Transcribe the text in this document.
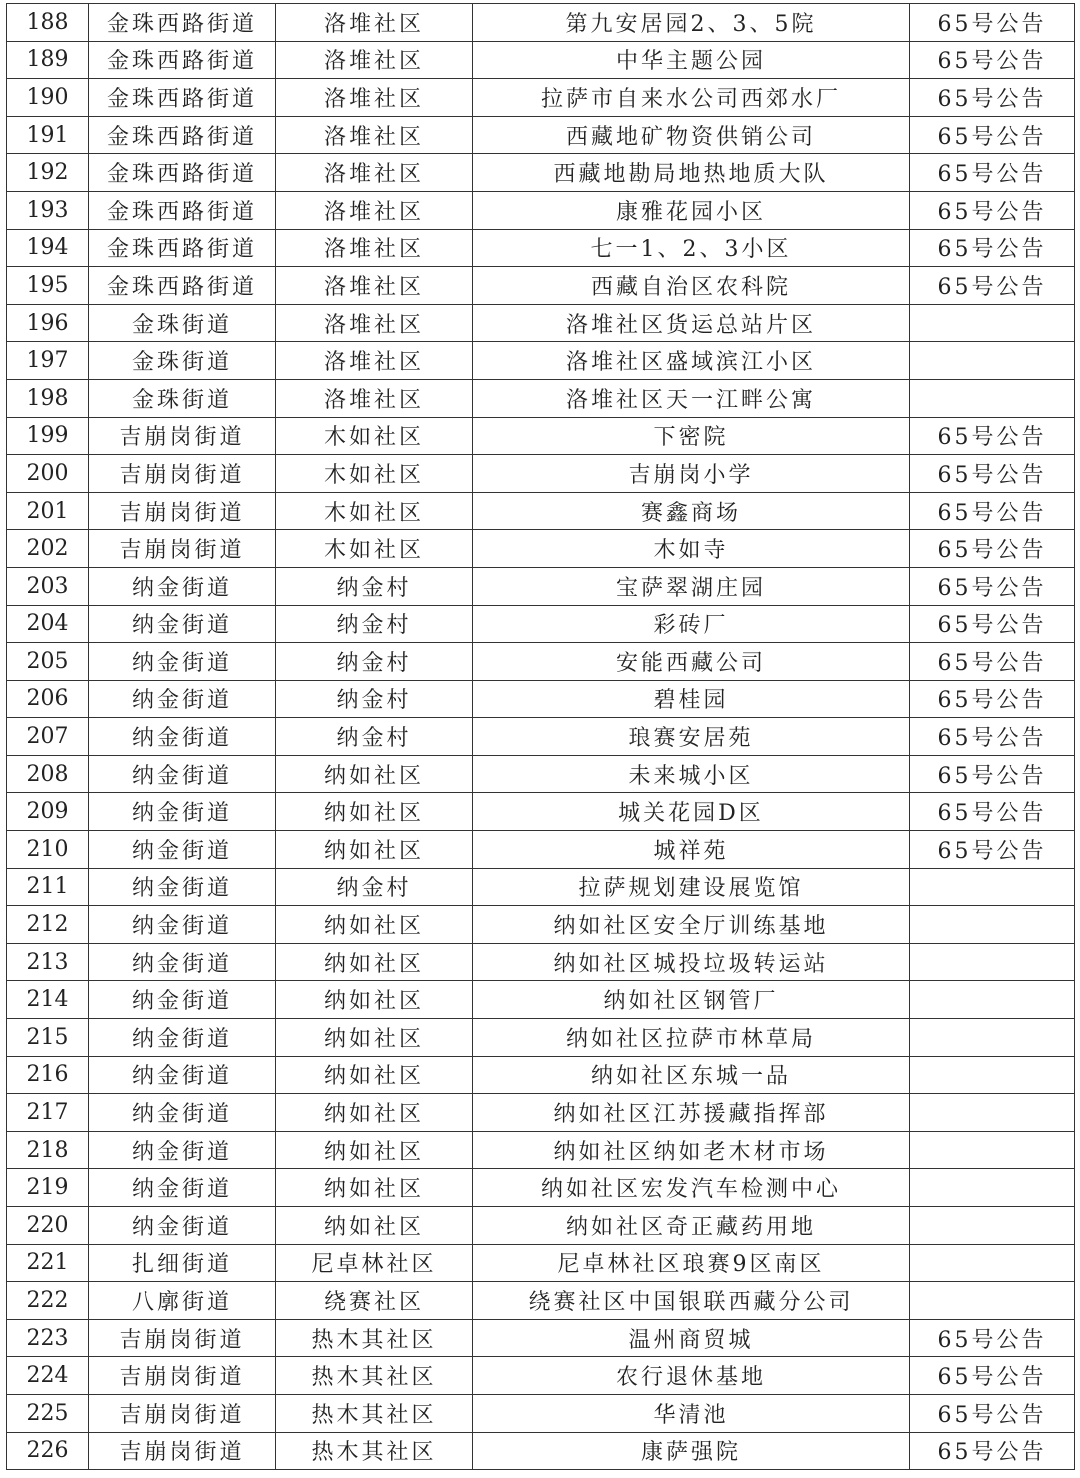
188	金珠西路街道	洛堆社区	第九安居园2、3、5院	65号公告
189	金珠西路街道	洛堆社区	中华主题公园	65号公告
190	金珠西路街道	洛堆社区	拉萨市自来水公司西郊水厂	65号公告
191	金珠西路街道	洛堆社区	西藏地矿物资供销公司	65号公告
192	金珠西路街道	洛堆社区	西藏地勘局地热地质大队	65号公告
193	金珠西路街道	洛堆社区	康雅花园小区	65号公告
194	金珠西路街道	洛堆社区	七一1、2、3小区	65号公告
195	金珠西路街道	洛堆社区	西藏自治区农科院	65号公告
196	金珠街道	洛堆社区	洛堆社区货运总站片区	
197	金珠街道	洛堆社区	洛堆社区盛域滨江小区	
198	金珠街道	洛堆社区	洛堆社区天一江畔公寓	
199	吉崩岗街道	木如社区	下密院	65号公告
200	吉崩岗街道	木如社区	吉崩岗小学	65号公告
201	吉崩岗街道	木如社区	赛鑫商场	65号公告
202	吉崩岗街道	木如社区	木如寺	65号公告
203	纳金街道	纳金村	宝萨翠湖庄园	65号公告
204	纳金街道	纳金村	彩砖厂	65号公告
205	纳金街道	纳金村	安能西藏公司	65号公告
206	纳金街道	纳金村	碧桂园	65号公告
207	纳金街道	纳金村	琅赛安居苑	65号公告
208	纳金街道	纳如社区	未来城小区	65号公告
209	纳金街道	纳如社区	城关花园D区	65号公告
210	纳金街道	纳如社区	城祥苑	65号公告
211	纳金街道	纳金村	拉萨规划建设展览馆	
212	纳金街道	纳如社区	纳如社区安全厅训练基地	
213	纳金街道	纳如社区	纳如社区城投垃圾转运站	
214	纳金街道	纳如社区	纳如社区钢管厂	
215	纳金街道	纳如社区	纳如社区拉萨市林草局	
216	纳金街道	纳如社区	纳如社区东城一品	
217	纳金街道	纳如社区	纳如社区江苏援藏指挥部	
218	纳金街道	纳如社区	纳如社区纳如老木材市场	
219	纳金街道	纳如社区	纳如社区宏发汽车检测中心	
220	纳金街道	纳如社区	纳如社区奇正藏药用地	
221	扎细街道	尼卓林社区	尼卓林社区琅赛9区南区	
222	八廓街道	绕赛社区	绕赛社区中国银联西藏分公司	
223	吉崩岗街道	热木其社区	温州商贸城	65号公告
224	吉崩岗街道	热木其社区	农行退休基地	65号公告
225	吉崩岗街道	热木其社区	华清池	65号公告
226	吉崩岗街道	热木其社区	康萨强院	65号公告
